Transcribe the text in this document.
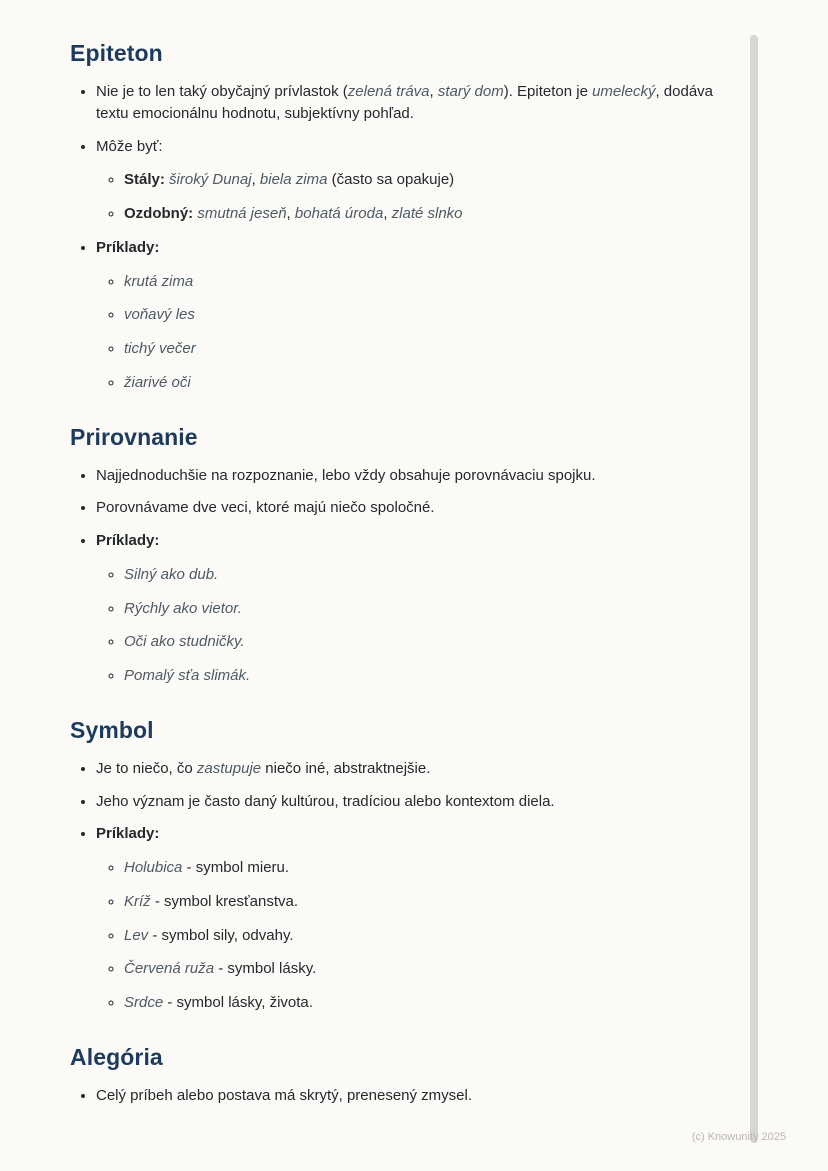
Epiteton
• Nie je to len taký obyčajný prívlastok (zelená tráva, starý dom). Epiteton je umelecký, dodáva textu emocionálnu hodnotu, subjektívny pohľad.
• Môže byť:
◦ Stály: široký Dunaj, biela zima (často sa opakuje)
◦ Ozdobný: smutná jeseň, bohatá úroda, zlaté slnko
• Príklady:
◦ krutá zima
◦ voňavý les
◦ tichý večer
◦ žiarivé oči
Prirovnanie
• Najjednoduchšie na rozpoznanie, lebo vždy obsahuje porovnávaciu spojku.
• Porovnávame dve veci, ktoré majú niečo spoločné.
• Príklady:
◦ Silný ako dub.
◦ Rýchly ako vietor.
◦ Oči ako studničky.
◦ Pomalý sťa slimák.
Symbol
• Je to niečo, čo zastupuje niečo iné, abstraktnejšie.
• Jeho význam je často daný kultúrou, tradíciou alebo kontextom diela.
• Príklady:
◦ Holubica - symbol mieru.
◦ Kríž - symbol kresťanstva.
◦ Lev - symbol sily, odvahy.
◦ Červená ruža - symbol lásky.
◦ Srdce - symbol lásky, života.
Alegória
• Celý príbeh alebo postava má skrytý, prenesený zmysel.
(c) Knowunity 2025
